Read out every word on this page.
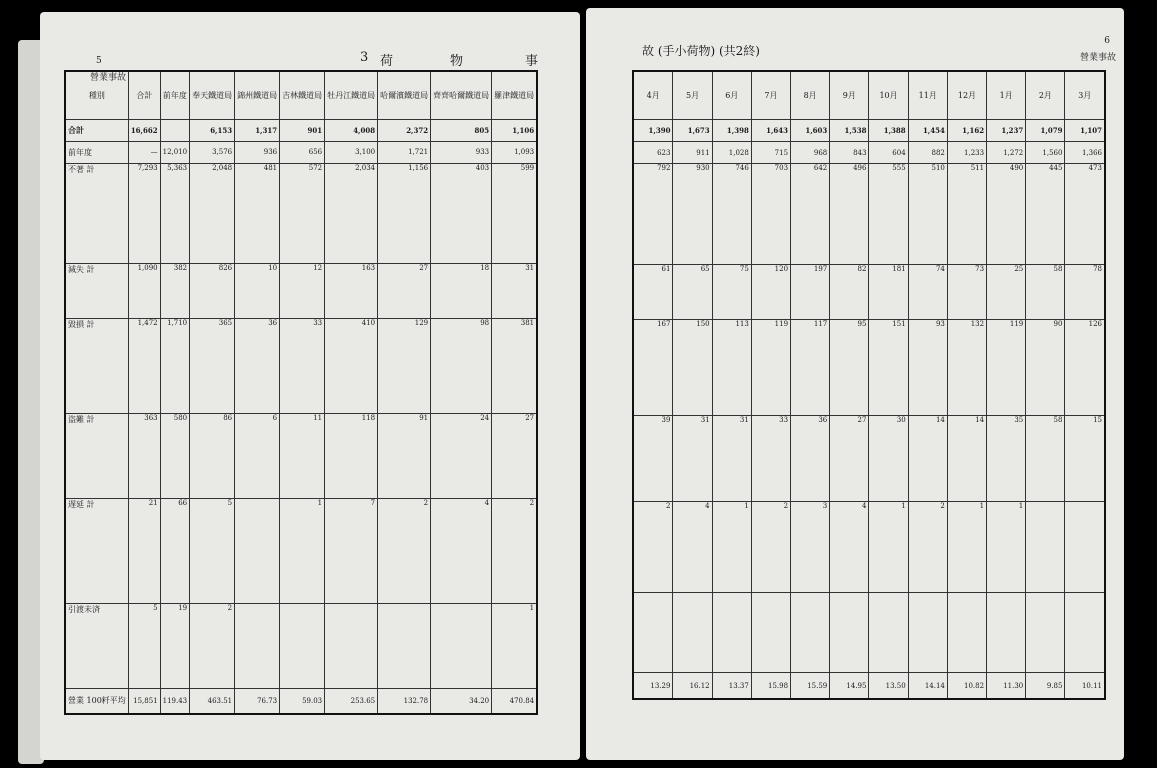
5
營業事故
3 荷	物	事
種別	合計	前年度	奉天鐵道局	錦州鐵道局	吉林鐵道局	牡丹江鐵道局	哈爾濱鐵道局	齊齊哈爾鐵道局	羅津鐵道局
合計	16,662		6,153	1,317	901	4,008	2,372	805	1,106
前年度	—	12,010	3,576	936	656	3,100	1,721	933	1,093
不著 計	7,293	5,363	2,048	481	572	2,034	1,156	403	599
減失 計	1,090	382	826	10	12	163	27	18	31
毀損 計	1,472	1,710	365	36	33	410	129	98	381
盗難 計	363	580	86	6	11	118	91	24	27
遅延 計	21	66	5		1	7	2	4	2
引渡未済	5	19	2						1
營業 100粁平均	15,851	119.43	463.51	76.73	59.03	253.65	132.78	34.20	470.84
6
營業事故
故 (手小荷物) (共2終)
4月	5月	6月	7月	8月	9月	10月	11月	12月	1月	2月	3月
1,390	1,673	1,398	1,643	1,603	1,538	1,388	1,454	1,162	1,237	1,079	1,107
623	911	1,028	715	968	843	604	882	1,233	1,272	1,560	1,366
792	930	746	703	642	496	555	510	511	490	445	473
61	65	75	120	197	82	181	74	73	25	58	78
167	150	113	119	117	95	151	93	132	119	90	126
39	31	31	33	36	27	30	14	14	35	58	15
2	4	1	2	3	4	1	2	1	1		

13.29	16.12	13.37	15.98	15.59	14.95	13.50	14.14	10.82	11.30	9.85	10.11
